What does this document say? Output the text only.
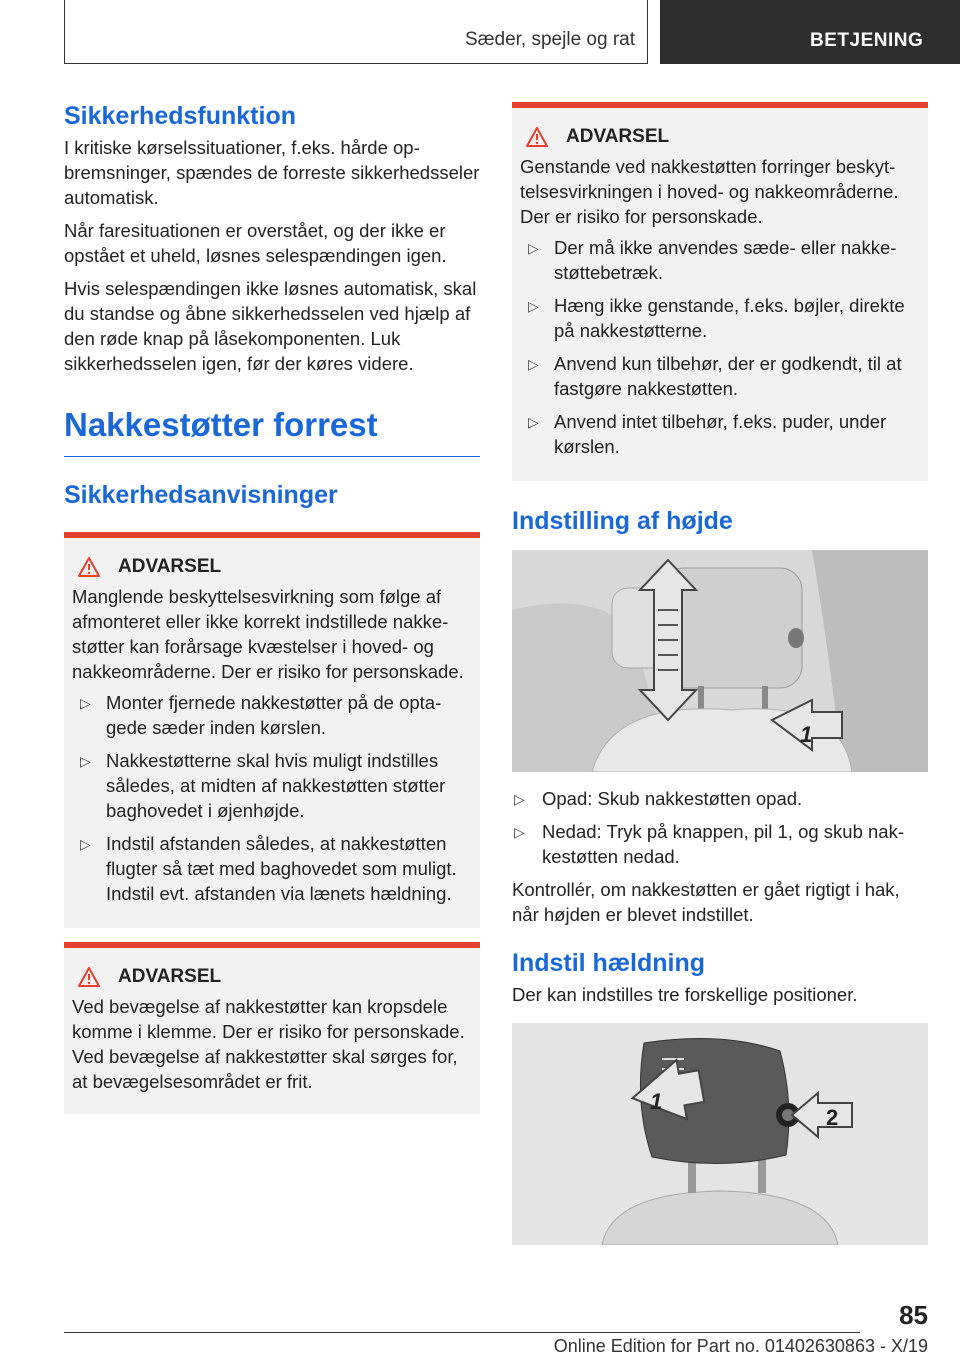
Sæder, spejle og rat	BETJENING
Sikkerhedsfunktion

I kritiske kørselssituationer, f.eks. hårde opbremsninger, spændes de forreste sikkerhedsseler automatisk.

Når faresituationen er overstået, og der ikke er opstået et uheld, løsnes selespændingen igen.

Hvis selespændingen ikke løsnes automatisk, skal du standse og åbne sikkerhedsselen ved hjælp af den røde knap på låsekomponenten. Luk sikkerhedsselen igen, før der køres videre.

Nakkestøtter forrest
Sikkerhedsanvisninger
ADVARSEL

Manglende beskyttelsesvirkning som følge af afmonteret eller ikke korrekt indstillede nakkestøtter kan forårsage kvæstelser i hoved- og nakkeområderne. Der er risiko for personskade.

▷ Monter fjernede nakkestøtter på de optagede sæder inden kørslen.
▷ Nakkestøtterne skal hvis muligt indstilles således, at midten af nakkestøtten støtter baghovedet i øjenhøjde.
▷ Indstil afstanden således, at nakkestøtten flugter så tæt med baghovedet som muligt. Indstil evt. afstanden via lænets hældning.
ADVARSEL

Ved bevægelse af nakkestøtter kan kropsdele komme i klemme. Der er risiko for personskade. Ved bevægelse af nakkestøtter skal sørges for, at bevægelsesområdet er frit.

ADVARSEL

Genstande ved nakkestøtten forringer beskyttelsesvirkningen i hoved- og nakkeområderne. Der er risiko for personskade.

▷ Der må ikke anvendes sæde- eller nakkestøttebetræk.
▷ Hæng ikke genstande, f.eks. bøjler, direkte på nakkestøtterne.
▷ Anvend kun tilbehør, der er godkendt, til at fastgøre nakkestøtten.
▷ Anvend intet tilbehør, f.eks. puder, under kørslen.
Indstilling af højde
1
▷ Opad: Skub nakkestøtten opad.
▷ Nedad: Tryk på knappen, pil 1, og skub nakkestøtten nedad.

Kontrollér, om nakkestøtten er gået rigtigt i hak, når højden er blevet indstillet.

Indstil hældning

Der kan indstilles tre forskellige positioner.

1
2
85
Online Edition for Part no. 01402630863 - X/19
